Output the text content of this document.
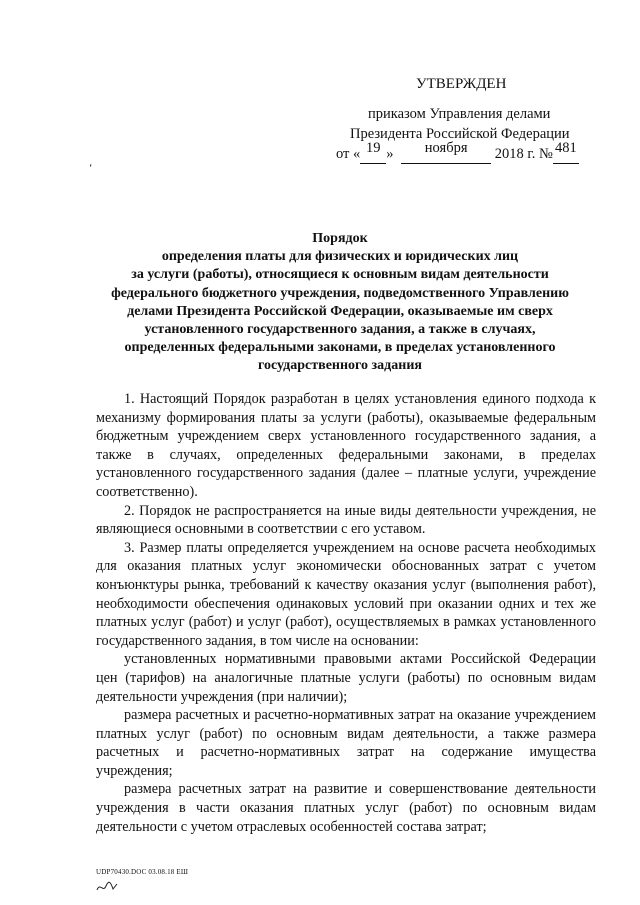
УТВЕРЖДЕН
приказом Управления делами
Президента Российской Федерации
от « 19 » ноября 2018 г. № 481
‘
Порядок
определения платы для физических и юридических лиц
за услуги (работы), относящиеся к основным видам деятельности
федерального бюджетного учреждения, подведомственного Управлению
делами Президента Российской Федерации, оказываемые им сверх
установленного государственного задания, а также в случаях,
определенных федеральными законами, в пределах установленного
государственного задания

1. Настоящий Порядок разработан в целях установления единого подхода к механизму формирования платы за услуги (работы), оказываемые федеральным бюджетным учреждением сверх установленного государственного задания, а также в случаях, определенных федеральными законами, в пределах установленного государственного задания (далее – платные услуги, учреждение соответственно).

2. Порядок не распространяется на иные виды деятельности учреждения, не являющиеся основными в соответствии с его уставом.

3. Размер платы определяется учреждением на основе расчета необходимых для оказания платных услуг экономически обоснованных затрат с учетом конъюнктуры рынка, требований к качеству оказания услуг (выполнения работ), необходимости обеспечения одинаковых условий при оказании одних и тех же платных услуг (работ) и услуг (работ), осуществляемых в рамках установленного государственного задания, в том числе на основании:

установленных нормативными правовыми актами Российской Федерации цен (тарифов) на аналогичные платные услуги (работы) по основным видам деятельности учреждения (при наличии);

размера расчетных и расчетно-нормативных затрат на оказание учреждением платных услуг (работ) по основным видам деятельности, а также размера расчетных и расчетно-нормативных затрат на содержание имущества учреждения;

размера расчетных затрат на развитие и совершенствование деятельности учреждения в части оказания платных услуг (работ) по основным видам деятельности с учетом отраслевых особенностей состава затрат;

UDP70430.DOC 03.08.18 ЕШ
